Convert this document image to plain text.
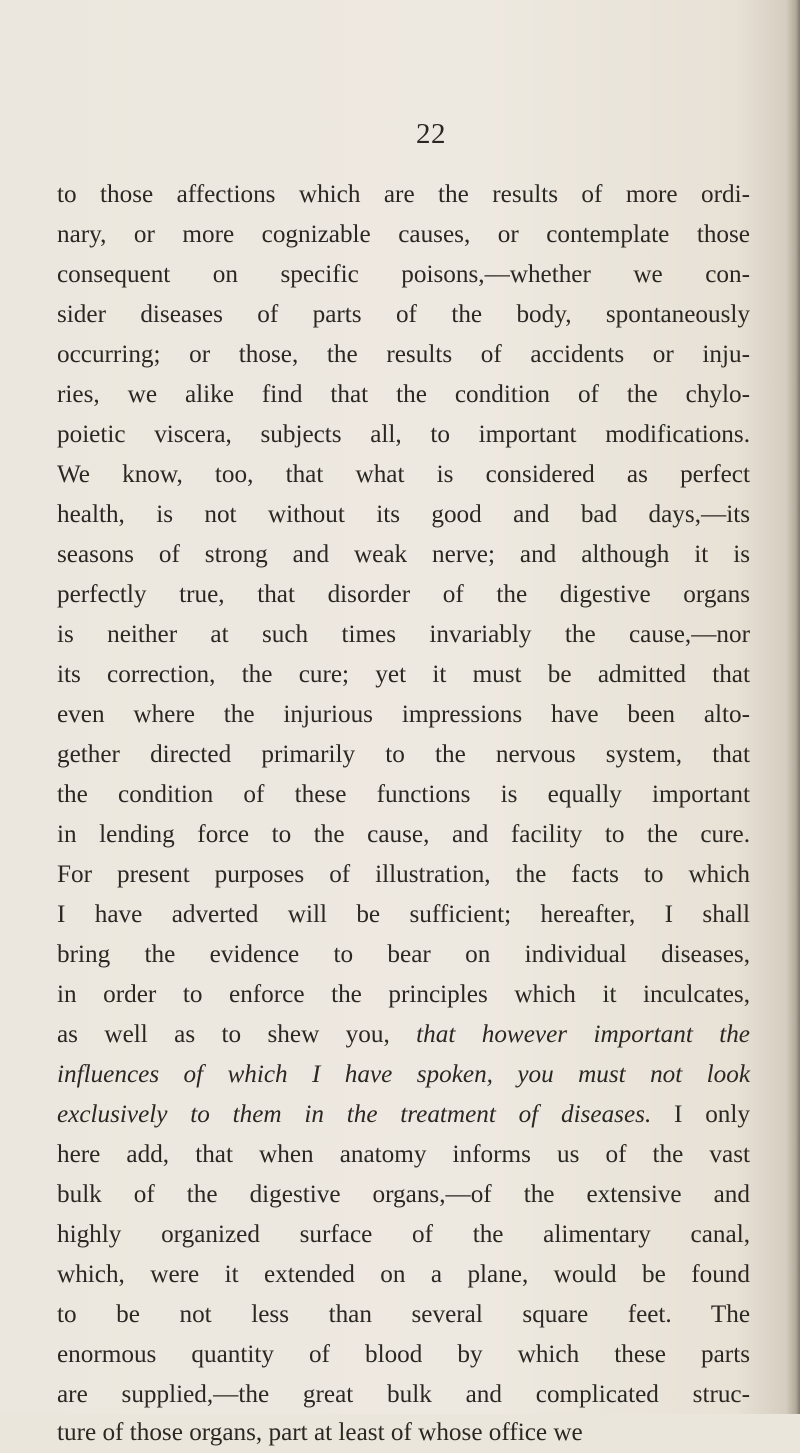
22
to those affections which are the results of more ordi-
nary, or more cognizable causes, or contemplate those
consequent on specific poisons,—whether we con-
sider diseases of parts of the body, spontaneously
occurring; or those, the results of accidents or inju-
ries, we alike find that the condition of the chylo-
poietic viscera, subjects all, to important modifications.
We know, too, that what is considered as perfect
health, is not without its good and bad days,—its
seasons of strong and weak nerve; and although it is
perfectly true, that disorder of the digestive organs
is neither at such times invariably the cause,—nor
its correction, the cure; yet it must be admitted that
even where the injurious impressions have been alto-
gether directed primarily to the nervous system, that
the condition of these functions is equally important
in lending force to the cause, and facility to the cure.
For present purposes of illustration, the facts to which
I have adverted will be sufficient; hereafter, I shall
bring the evidence to bear on individual diseases,
in order to enforce the principles which it inculcates,
as well as to shew you, that however important the
influences of which I have spoken, you must not look
exclusively to them in the treatment of diseases. I only
here add, that when anatomy informs us of the vast
bulk of the digestive organs,—of the extensive and
highly organized surface of the alimentary canal,
which, were it extended on a plane, would be found
to be not less than several square feet. The
enormous quantity of blood by which these parts
are supplied,—the great bulk and complicated struc-
ture of those organs, part at least of whose office we
